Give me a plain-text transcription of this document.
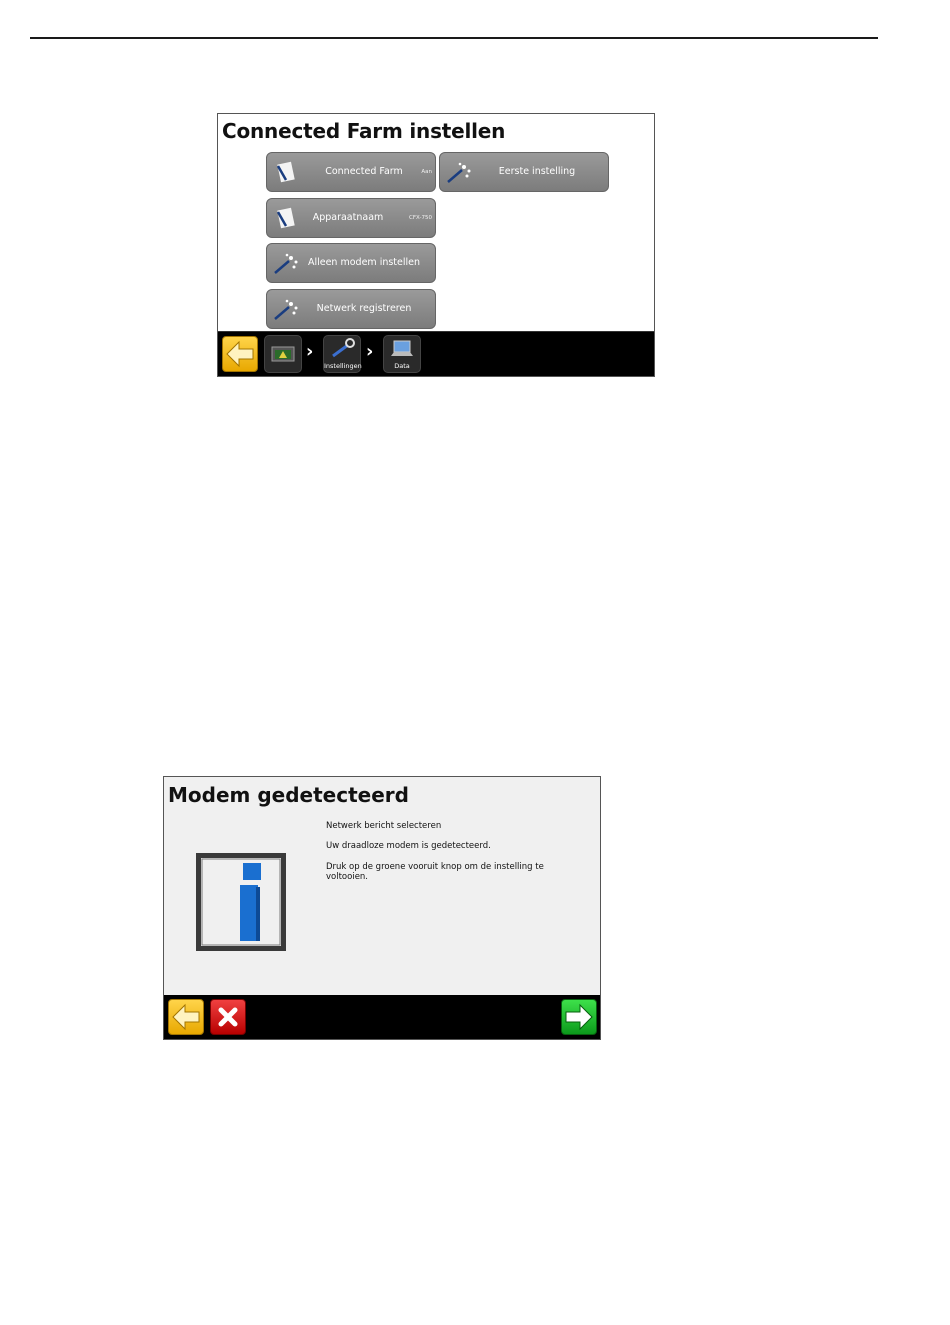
Connected Farm instellen
Connected Farm	Aan	Eerste instelling
Apparaatnaam	CFX-750
Alleen modem instellen
Netwerk registreren
›
Instellingen
›
Data
Modem gedetecteerd
Netwerk bericht selecteren
Uw draadloze modem is gedetecteerd.
Druk op de groene vooruit knop om de instelling te voltooien.
